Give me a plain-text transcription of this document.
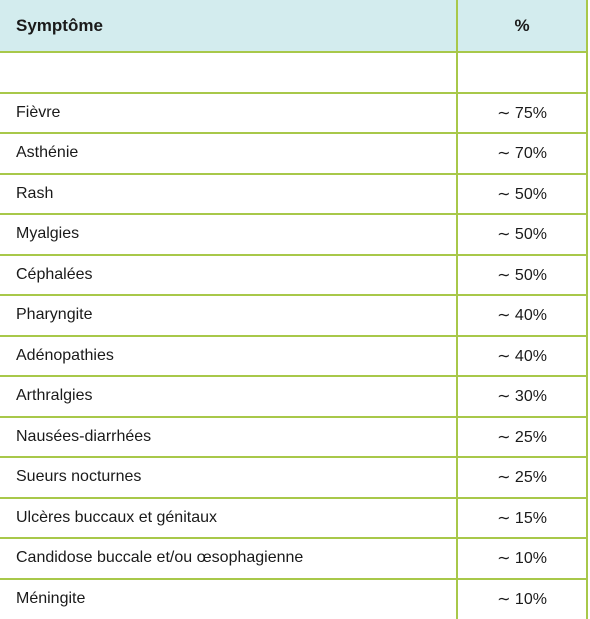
Symptôme	%

Fièvre	∼ 75%
Asthénie	∼ 70%
Rash	∼ 50%
Myalgies	∼ 50%
Céphalées	∼ 50%
Pharyngite	∼ 40%
Adénopathies	∼ 40%
Arthralgies	∼ 30%
Nausées-diarrhées	∼ 25%
Sueurs nocturnes	∼ 25%
Ulcères buccaux et génitaux	∼ 15%
Candidose buccale et/ou œsophagienne	∼ 10%
Méningite	∼ 10%
